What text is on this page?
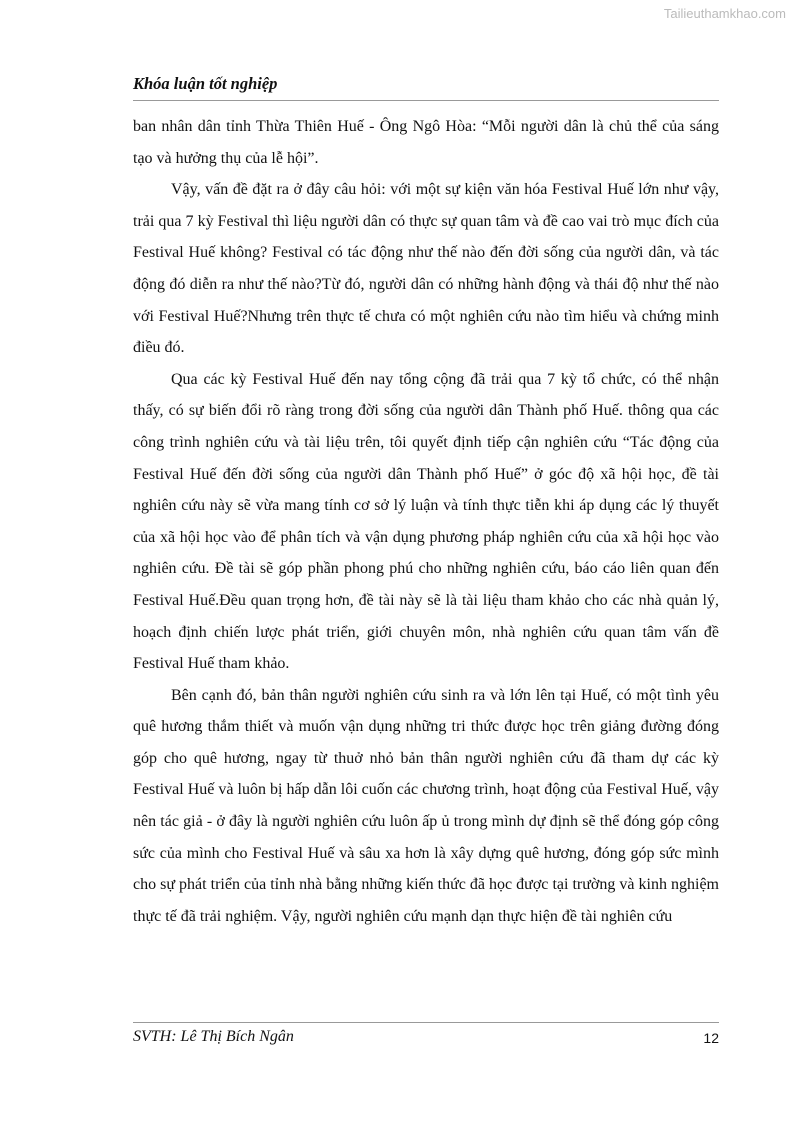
Tailieuthamkhao.com
Khóa luận tốt nghiệp

ban nhân dân tỉnh Thừa Thiên Huế - Ông Ngô Hòa: “Mỗi người dân là chủ thể của sáng tạo và hưởng thụ của lễ hội”.

Vậy, vấn đề đặt ra ở đây câu hỏi: với một sự kiện văn hóa Festival Huế lớn như vậy, trải qua 7 kỳ Festival thì liệu người dân có thực sự quan tâm và đề cao vai trò mục đích của Festival Huế không? Festival có tác động như thế nào đến đời sống của người dân, và tác động đó diễn ra như thế nào?Từ đó, người dân có những hành động và thái độ như thế nào với Festival Huế?Nhưng trên thực tế chưa có một nghiên cứu nào tìm hiểu và chứng minh điều đó.

Qua các kỳ Festival Huế đến nay tổng cộng đã trải qua 7 kỳ tổ chức, có thể nhận thấy, có sự biến đổi rõ ràng trong đời sống của người dân Thành phố Huế. thông qua các công trình nghiên cứu và tài liệu trên, tôi quyết định tiếp cận nghiên cứu “Tác động của Festival Huế đến đời sống của người dân Thành phố Huế” ở góc độ xã hội học, đề tài nghiên cứu này sẽ vừa mang tính cơ sở lý luận và tính thực tiễn khi áp dụng các lý thuyết của xã hội học vào để phân tích và vận dụng phương pháp nghiên cứu của xã hội học vào nghiên cứu. Đề tài sẽ góp phần phong phú cho những nghiên cứu, báo cáo liên quan đến Festival Huế.Đều quan trọng hơn, đề tài này sẽ là tài liệu tham khảo cho các nhà quản lý, hoạch định chiến lược phát triển, giới chuyên môn, nhà nghiên cứu quan tâm vấn đề Festival Huế tham khảo.

Bên cạnh đó, bản thân người nghiên cứu sinh ra và lớn lên tại Huế, có một tình yêu quê hương thắm thiết và muốn vận dụng những tri thức được học trên giảng đường đóng góp cho quê hương, ngay từ thuở nhỏ bản thân người nghiên cứu đã tham dự các kỳ Festival Huế và luôn bị hấp dẫn lôi cuốn các chương trình, hoạt động của Festival Huế, vậy nên tác giả - ở đây là người nghiên cứu luôn ấp ủ trong mình dự định sẽ thể đóng góp công sức của mình cho Festival Huế và sâu xa hơn là xây dựng quê hương, đóng góp sức mình cho sự phát triển của tỉnh nhà bằng những kiến thức đã học được tại trường và kinh nghiệm thực tế đã trải nghiệm. Vậy, người nghiên cứu mạnh dạn thực hiện đề tài nghiên cứu

SVTH: Lê Thị Bích Ngân	12
